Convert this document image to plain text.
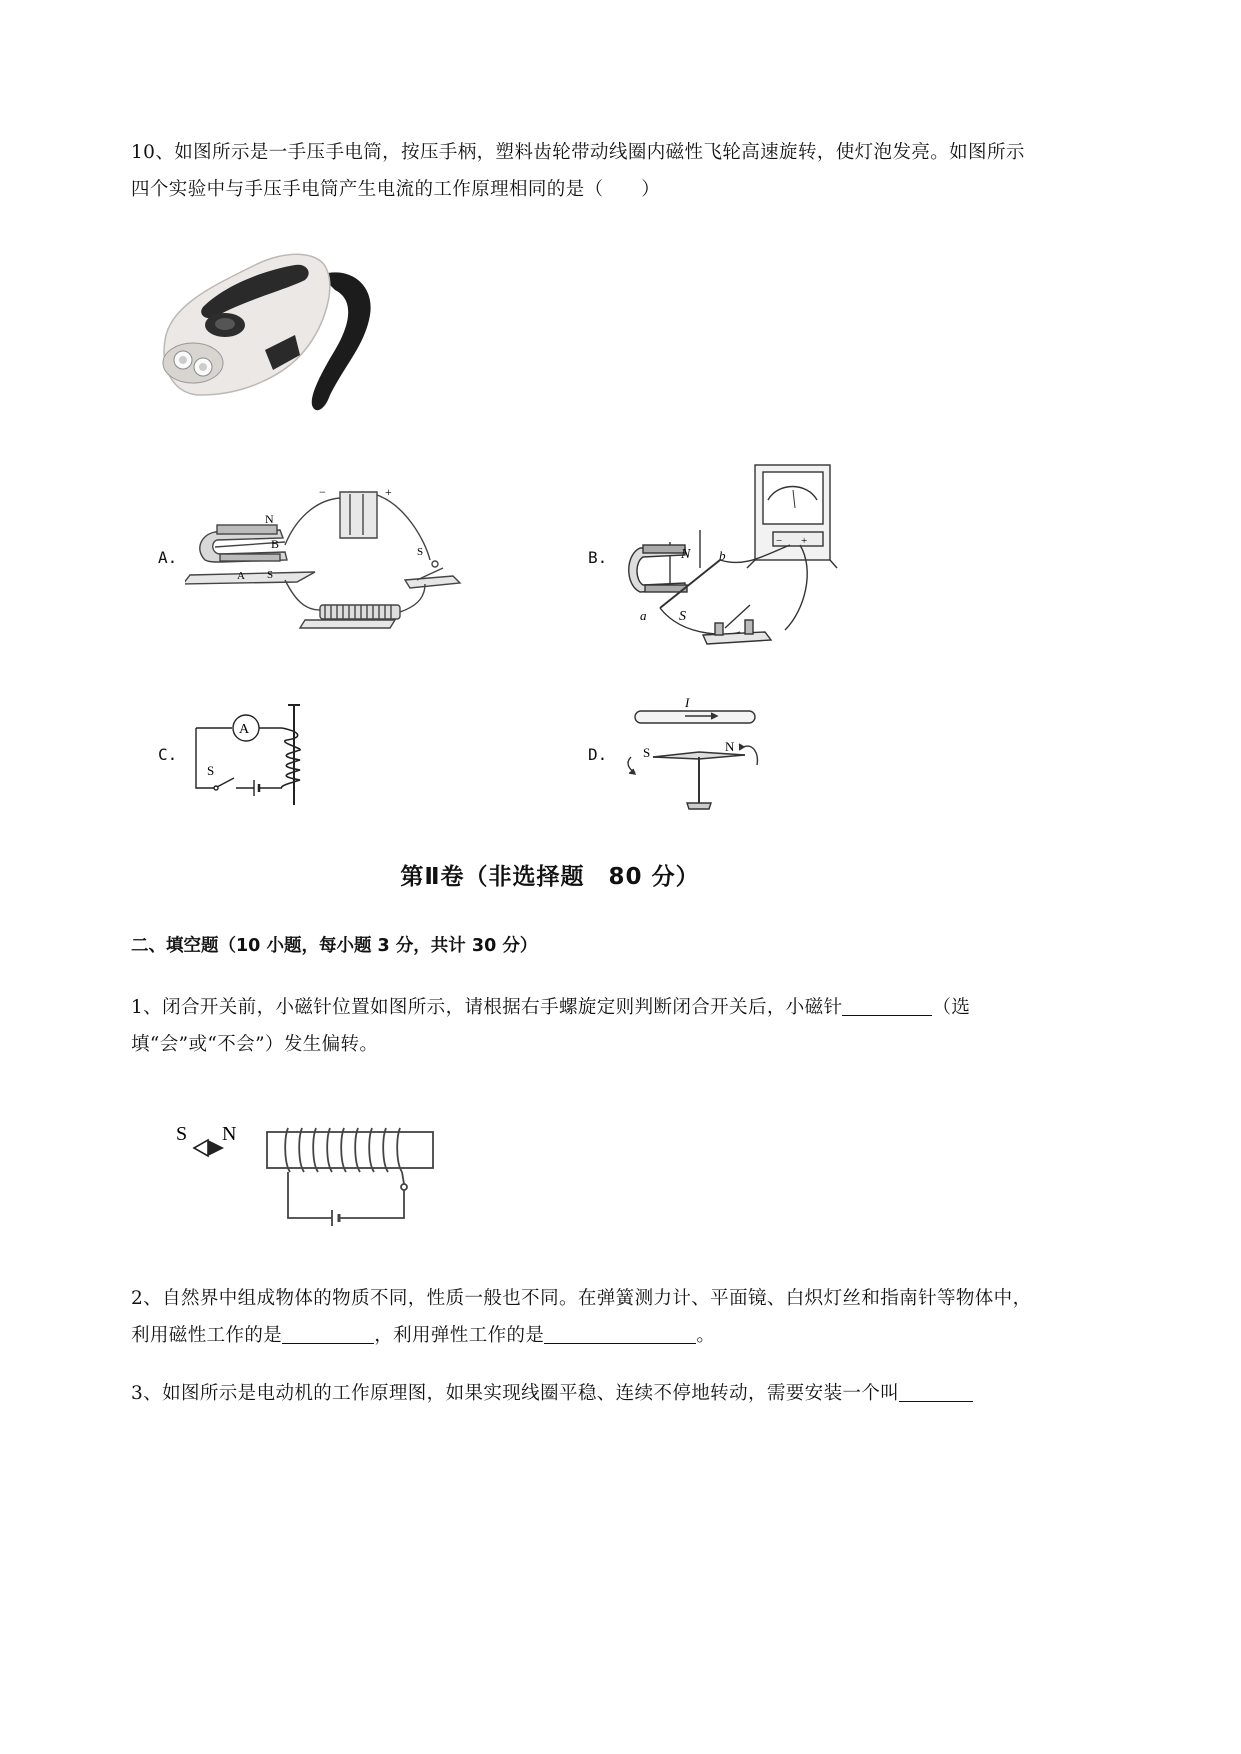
10、如图所示是一手压手电筒，按压手柄，塑料齿轮带动线圈内磁性飞轮高速旋转，使灯泡发亮。如图所示四个实验中与手压手电筒产生电流的工作原理相同的是（　　）
A.
N
B
A S
−	+
S	B.	N b
a S
− +
C.
A
S
D.
I
S	N
第Ⅱ卷（非选择题　80 分）
二、填空题（10 小题，每小题 3 分，共计 30 分）
1、闭合开关前，小磁针位置如图所示，请根据右手螺旋定则判断闭合开关后，小磁针	（选填“会”或“不会”）发生偏转。
S N
2、自然界中组成物体的物质不同，性质一般也不同。在弹簧测力计、平面镜、白炽灯丝和指南针等物体中，利用磁性工作的是	，利用弹性工作的是	。
3、如图所示是电动机的工作原理图，如果实现线圈平稳、连续不停地转动，需要安装一个叫
